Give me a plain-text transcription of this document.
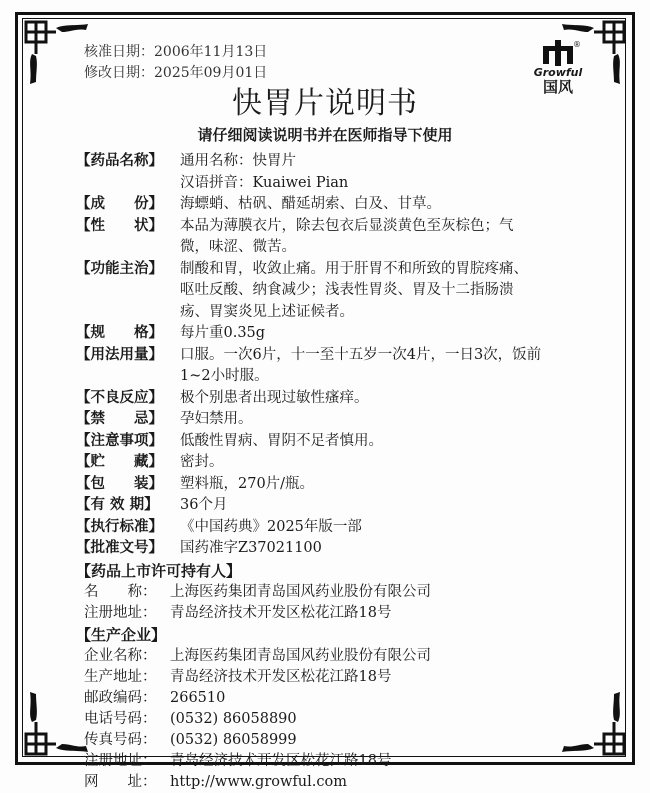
核准日期：2006年11月13日
修改日期：2025年09月01日
®
Growful
国风
快胃片说明书
请仔细阅读说明书并在医师指导下使用
【药品名称】	通用名称：快胃片
汉语拼音：Kuaiwei Pian
【成　　份】	海螵蛸、枯矾、醋延胡索、白及、甘草。
【性　　状】	本品为薄膜衣片，除去包衣后显淡黄色至灰棕色；气
微，味涩、微苦。
【功能主治】	制酸和胃，收敛止痛。用于肝胃不和所致的胃脘疼痛、
呕吐反酸、纳食减少；浅表性胃炎、胃及十二指肠溃
疡、胃窦炎见上述证候者。
【规　　格】	每片重0.35g
【用法用量】	口服。一次6片，十一至十五岁一次4片，一日3次，饭前
1~2小时服。
【不良反应】	极个别患者出现过敏性瘙痒。
【禁　　忌】	孕妇禁用。
【注意事项】	低酸性胃病、胃阴不足者慎用。
【贮　　藏】	密封。
【包　　装】	塑料瓶，270片/瓶。
【有 效 期】	36个月
【执行标准】	《中国药典》2025年版一部
【批准文号】	国药准字Z37021100
【药品上市许可持有人】
名　　称： 上海医药集团青岛国风药业股份有限公司
注册地址： 青岛经济技术开发区松花江路18号
【生产企业】
企业名称： 上海医药集团青岛国风药业股份有限公司
生产地址： 青岛经济技术开发区松花江路18号
邮政编码： 266510
电话号码： (0532) 86058890
传真号码： (0532) 86058999
注册地址： 青岛经济技术开发区松花江路18号
网　　址： http://www.growful.com
